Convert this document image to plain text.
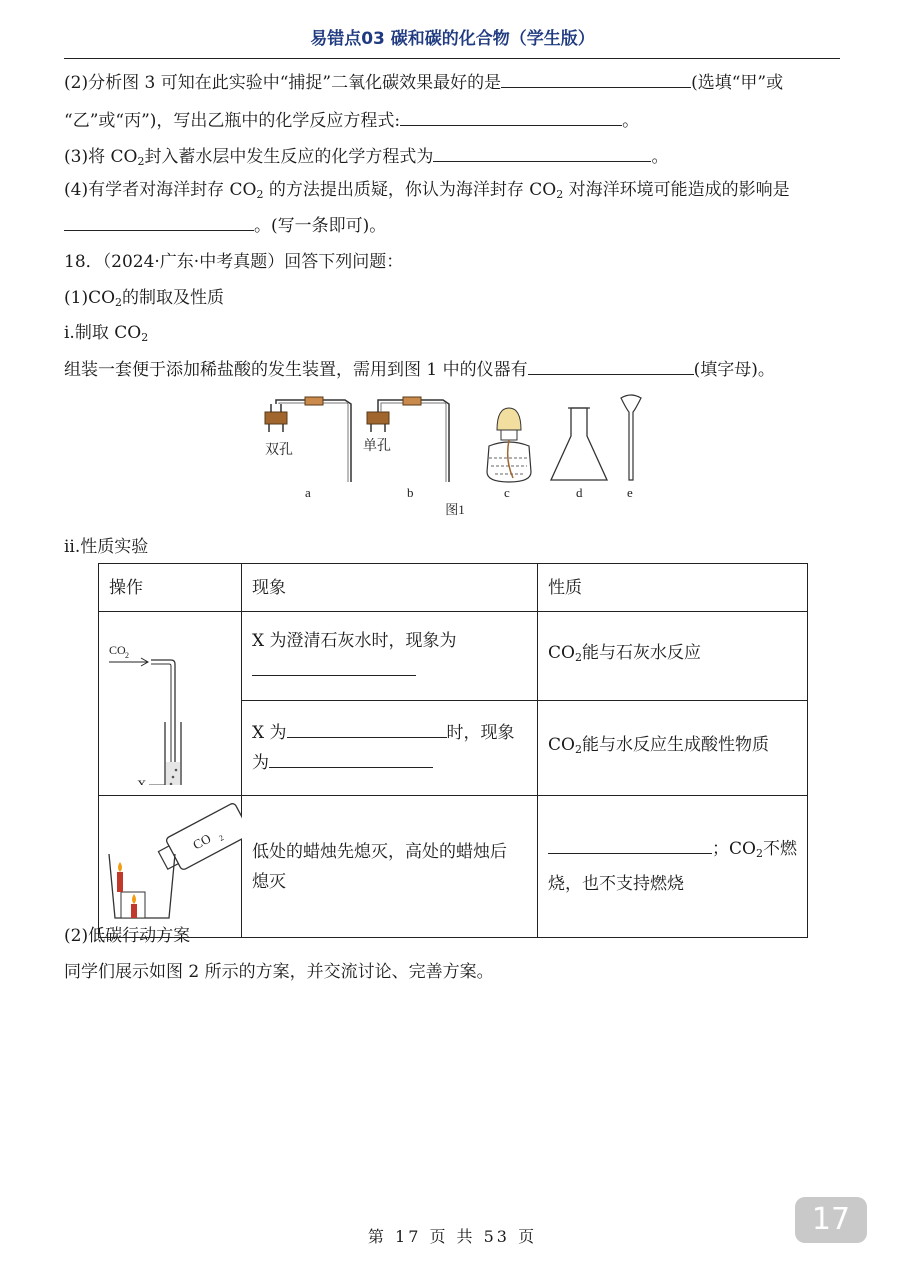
易错点03 碳和碳的化合物（学生版）
(2)分析图 3 可知在此实验中“捕捉”二氧化碳效果最好的是	(选填“甲”或
“乙”或“丙”)，写出乙瓶中的化学反应方程式:	。
(3)将 $CO_2$封入蓄水层中发生反应的化学方程式为	。
(4)有学者对海洋封存 $CO_2$ 的方法提出质疑，你认为海洋封存 $CO_2$ 对海洋环境可能造成的影响是
。(写一条即可)。
18．（2024·广东·中考真题）回答下列问题：
$(1)CO_2$的制取及性质
i.制取 $CO_2$
组装一套便于添加稀盐酸的发生装置，需用到图 1 中的仪器有	(填字母)。
双孔
a
单孔
b	c	d	e
图1
ii.性质实验
操作	现象	性质

CO 2
X	X 为澄清石灰水时，现象为	$CO_2$能与石灰水反应
	X 为 时，现象
为	$CO_2$能与水反应生成酸性物质

CO 2	低处的蜡烛先熄灭，高处的蜡烛后
熄灭	；$CO_2$不燃
烧，也不支持燃烧
(2)低碳行动方案
同学们展示如图 2 所示的方案，并交流讨论、完善方案。
第 17 页 共 53 页	17
